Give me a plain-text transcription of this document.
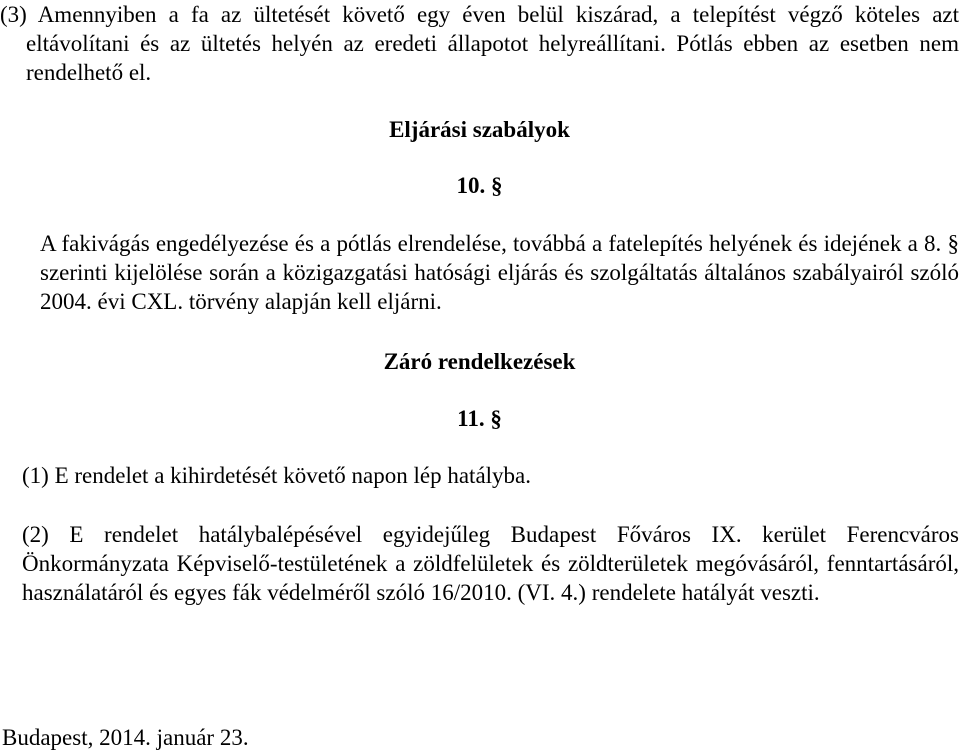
(3) Amennyiben a fa az ültetését követő egy éven belül kiszárad, a telepítést végző köteles azt eltávolítani és az ültetés helyén az eredeti állapotot helyreállítani. Pótlás ebben az esetben nem rendelhető el.

Eljárási szabályok

10. §

A fakivágás engedélyezése és a pótlás elrendelése, továbbá a fatelepítés helyének és idejének a 8. § szerinti kijelölése során a közigazgatási hatósági eljárás és szolgáltatás általános szabályairól szóló 2004. évi CXL. törvény alapján kell eljárni.

Záró rendelkezések

11. §

(1) E rendelet a kihirdetését követő napon lép hatályba.

(2) E rendelet hatálybalépésével egyidejűleg Budapest Főváros IX. kerület Ferencváros Önkormányzata Képviselő-testületének a zöldfelületek és zöldterületek megóvásáról, fenntartásáról, használatáról és egyes fák védelméről szóló 16/2010. (VI. 4.) rendelete hatályát veszti.

Budapest, 2014. január 23.
